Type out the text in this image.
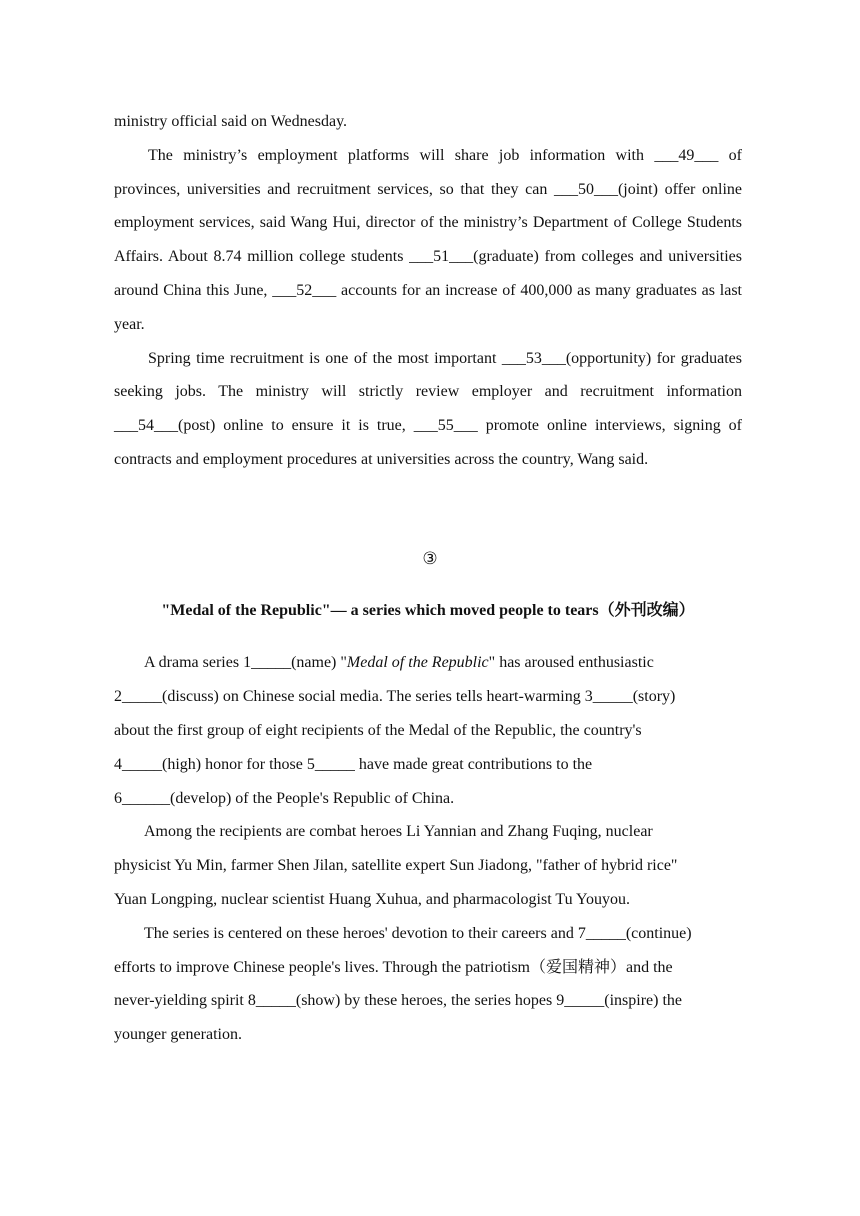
ministry official said on Wednesday.

The ministry’s employment platforms will share job information with ___49___ of provinces, universities and recruitment services, so that they can ___50___(joint) offer online employment services, said Wang Hui, director of the ministry’s Department of College Students Affairs. About 8.74 million college students ___51___(graduate) from colleges and universities around China this June, ___52___ accounts for an increase of 400,000 as many graduates as last year.

Spring time recruitment is one of the most important ___53___(opportunity) for graduates seeking jobs. The ministry will strictly review employer and recruitment information ___54___(post) online to ensure it is true, ___55___ promote online interviews, signing of contracts and employment procedures at universities across the country, Wang said.

③
"Medal of the Republic"— a series which moved people to tears（外刊改编）

A drama series 1_____(name) "Medal of the Republic" has aroused enthusiastic

2_____(discuss) on Chinese social media. The series tells heart-warming 3_____(story)

about the first group of eight recipients of the Medal of the Republic, the country's

4_____(high) honor for those 5_____ have made great contributions to the

6______(develop) of the People's Republic of China.

Among the recipients are combat heroes Li Yannian and Zhang Fuqing, nuclear

physicist Yu Min, farmer Shen Jilan, satellite expert Sun Jiadong, "father of hybrid rice"

Yuan Longping, nuclear scientist Huang Xuhua, and pharmacologist Tu Youyou.

The series is centered on these heroes' devotion to their careers and 7_____(continue)

efforts to improve Chinese people's lives. Through the patriotism（爱国精神）and the

never-yielding spirit 8_____(show) by these heroes, the series hopes 9_____(inspire) the

younger generation.
